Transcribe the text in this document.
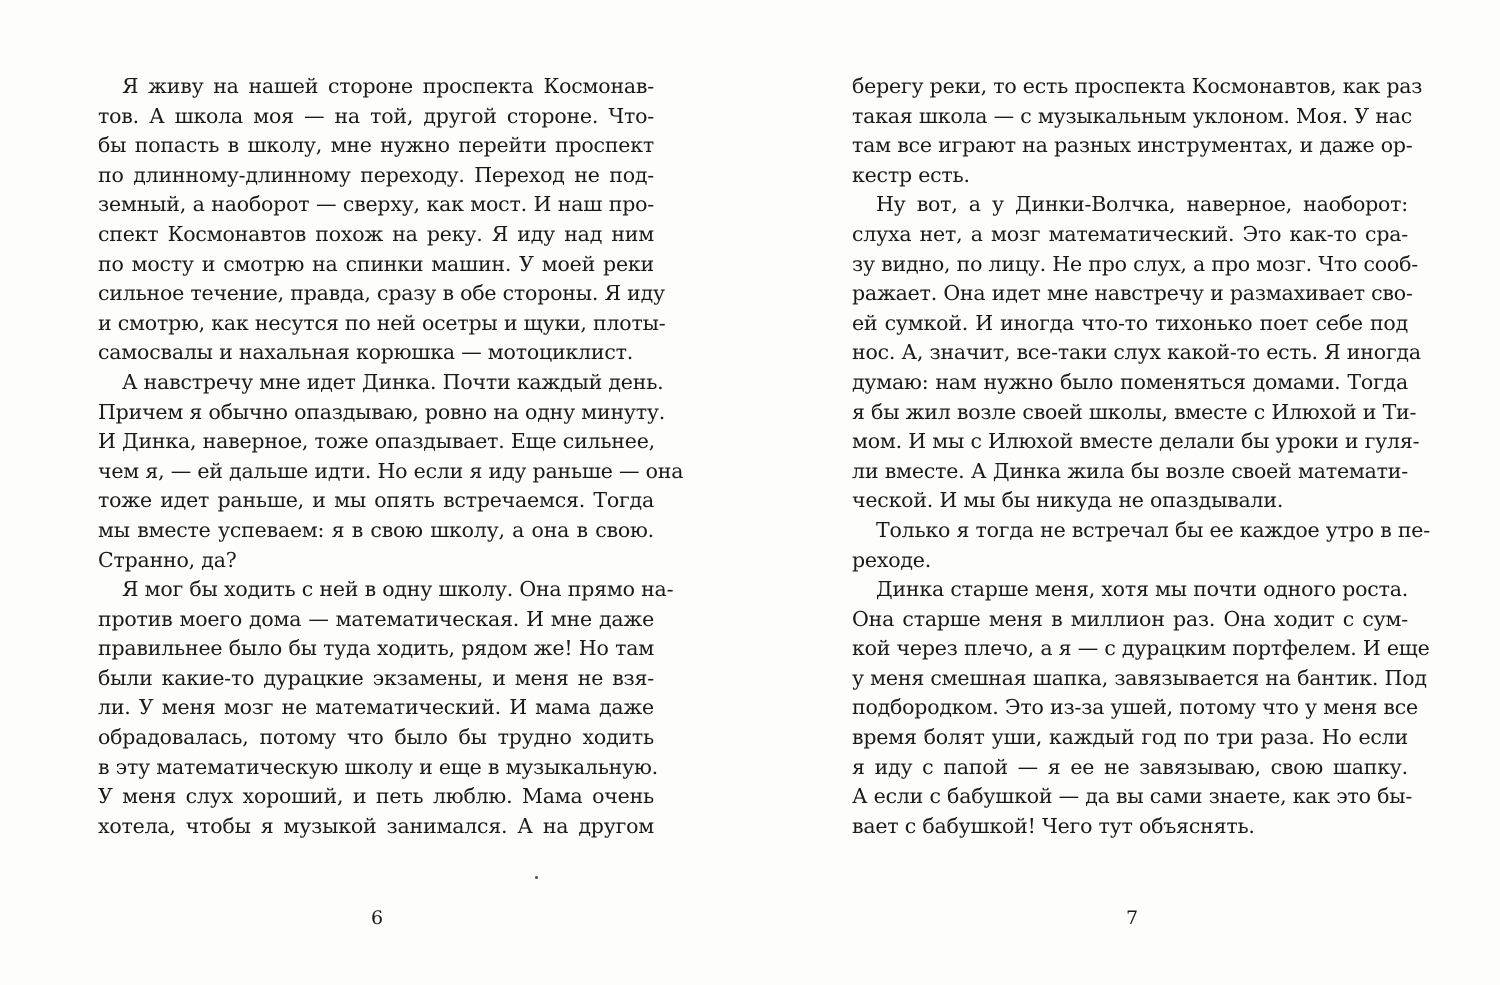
Я живу на нашей стороне проспекта Космонав-
тов. А школа моя — на той, другой стороне. Что-
бы попасть в школу, мне нужно перейти проспект
по длинному-длинному переходу. Переход не под-
земный, а наоборот — сверху, как мост. И наш про-
спект Космонавтов похож на реку. Я иду над ним
по мосту и смотрю на спинки машин. У моей реки
сильное течение, правда, сразу в обе стороны. Я иду
и смотрю, как несутся по ней осетры и щуки, плоты-
самосвалы и нахальная корюшка — мотоциклист.
А навстречу мне идет Динка. Почти каждый день.
Причем я обычно опаздываю, ровно на одну минуту.
И Динка, наверное, тоже опаздывает. Еще сильнее,
чем я, — ей дальше идти. Но если я иду раньше — она
тоже идет раньше, и мы опять встречаемся. Тогда
мы вместе успеваем: я в свою школу, а она в свою.
Странно, да?
Я мог бы ходить с ней в одну школу. Она прямо на-
против моего дома — математическая. И мне даже
правильнее было бы туда ходить, рядом же! Но там
были какие-то дурацкие экзамены, и меня не взя-
ли. У меня мозг не математический. И мама даже
обрадовалась, потому что было бы трудно ходить
в эту математическую школу и еще в музыкальную.
У меня слух хороший, и петь люблю. Мама очень
хотела, чтобы я музыкой занимался. А на другом
6
берегу реки, то есть проспекта Космонавтов, как раз
такая школа — с музыкальным уклоном. Моя. У нас
там все играют на разных инструментах, и даже ор-
кестр есть.
Ну вот, а у Динки-Волчка, наверное, наоборот:
слуха нет, а мозг математический. Это как-то сра-
зу видно, по лицу. Не про слух, а про мозг. Что сооб-
ражает. Она идет мне навстречу и размахивает сво-
ей сумкой. И иногда что-то тихонько поет себе под
нос. А, значит, все-таки слух какой-то есть. Я иногда
думаю: нам нужно было поменяться домами. Тогда
я бы жил возле своей школы, вместе с Илюхой и Ти-
мом. И мы с Илюхой вместе делали бы уроки и гуля-
ли вместе. А Динка жила бы возле своей математи-
ческой. И мы бы никуда не опаздывали.
Только я тогда не встречал бы ее каждое утро в пе-
реходе.
Динка старше меня, хотя мы почти одного роста.
Она старше меня в миллион раз. Она ходит с сум-
кой через плечо, а я — с дурацким портфелем. И еще
у меня смешная шапка, завязывается на бантик. Под
подбородком. Это из-за ушей, потому что у меня все
время болят уши, каждый год по три раза. Но если
я иду с папой — я ее не завязываю, свою шапку.
А если с бабушкой — да вы сами знаете, как это бы-
вает с бабушкой! Чего тут объяснять.
7
